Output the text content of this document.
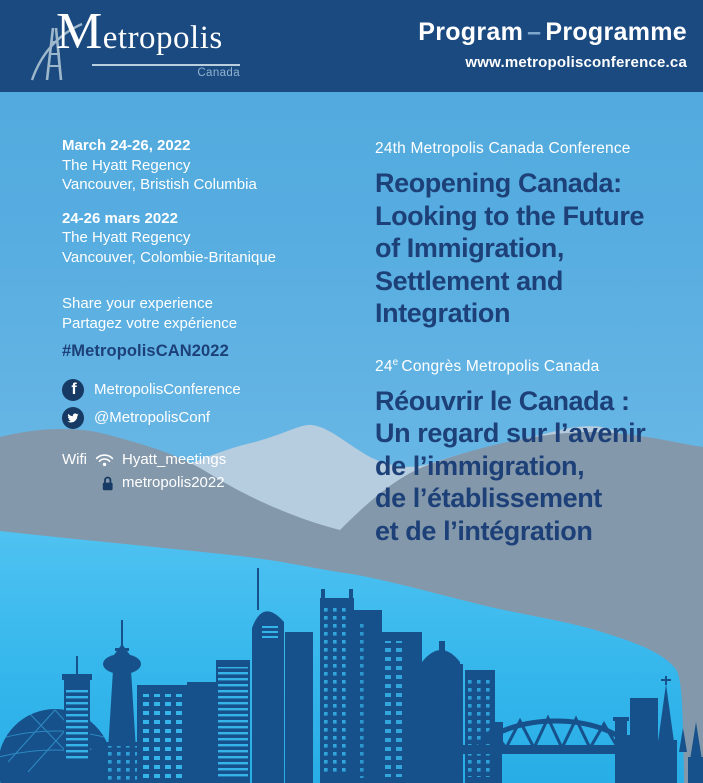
Metropolis
Canada
Program – Programme
www.metropolisconference.ca
March 24-26, 2022
The Hyatt Regency
Vancouver, Bristish Columbia
24-26 mars 2022
The Hyatt Regency
Vancouver, Colombie-Britanique
Share your experience
Partagez votre expérience
#MetropolisCAN2022
f MetropolisConference
@MetropolisConf
Wifi Hyatt_meetings
metropolis2022
24th Metropolis Canada Conference
Reopening Canada:
Looking to the Future
of Immigration,
Settlement and
Integration
24e Congrès Metropolis Canada
Réouvrir le Canada :
Un regard sur l’avenir
de l’immigration,
de l’établissement
et de l’intégration
